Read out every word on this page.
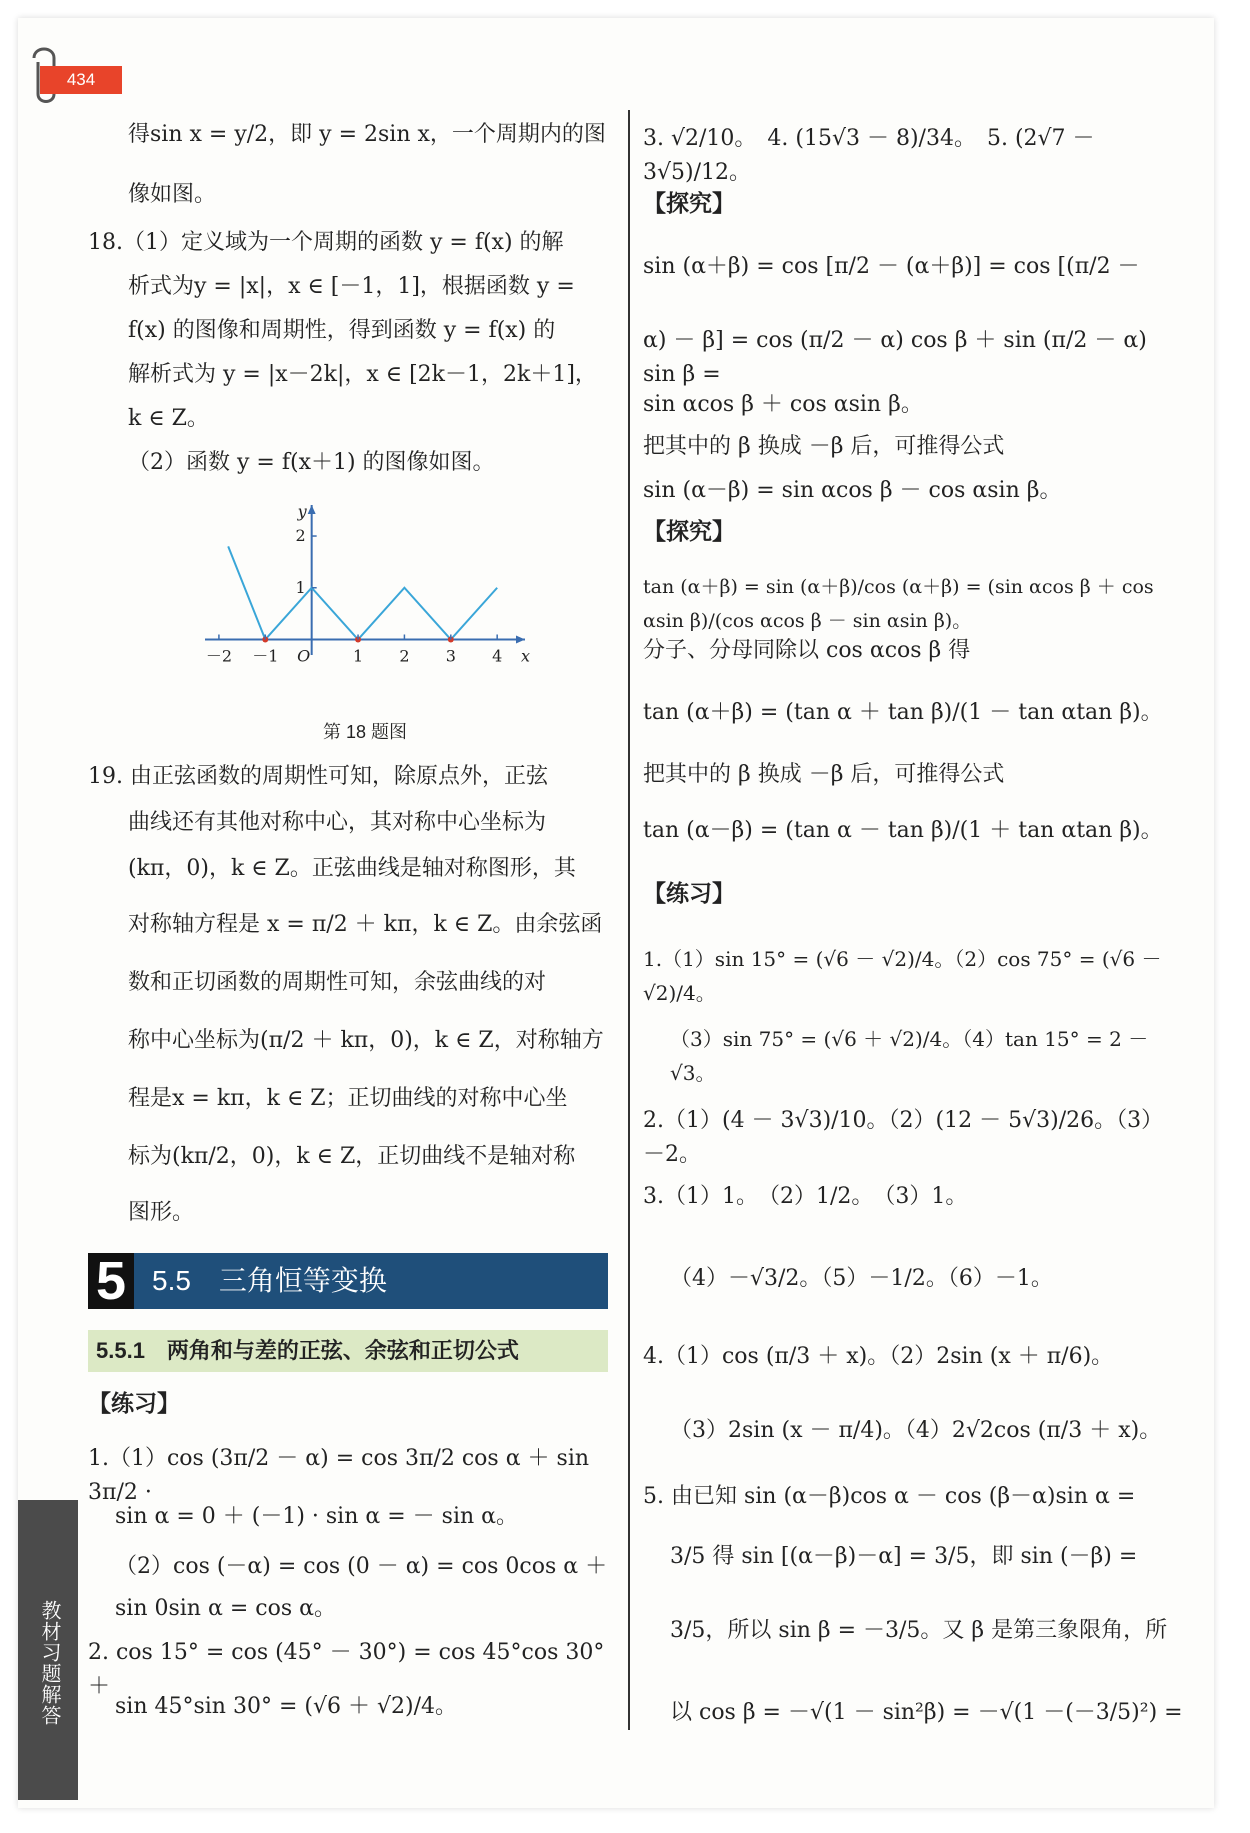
434

得sin x = y/2，即 y = 2sin x，一个周期内的图

像如图。

18.（1）定义域为一个周期的函数 y = f(x) 的解

析式为y = |x|，x ∈ [－1，1]，根据函数 y =

f(x) 的图像和周期性，得到函数 y = f(x) 的

解析式为 y = |x－2k|，x ∈ [2k－1，2k＋1]，

k ∈ Z。

（2）函数 y = f(x＋1) 的图像如图。

－2 －1	1 2 3 4
1
2
O	x
y

第 18 题图

19. 由正弦函数的周期性可知，除原点外，正弦

曲线还有其他对称中心，其对称中心坐标为

(kπ，0)，k ∈ Z。正弦曲线是轴对称图形，其

对称轴方程是 x = π/2 ＋ kπ，k ∈ Z。由余弦函

数和正切函数的周期性可知，余弦曲线的对

称中心坐标为(π/2 ＋ kπ，0)，k ∈ Z，对称轴方

程是x = kπ，k ∈ Z；正切曲线的对称中心坐

标为(kπ/2，0)，k ∈ Z，正切曲线不是轴对称

图形。

5 5.5　三角恒等变换
5.5.1　两角和与差的正弦、余弦和正切公式

【练习】

1.（1）cos (3π/2 － α) = cos 3π/2 cos α ＋ sin 3π/2 ·

sin α = 0 ＋ (－1) · sin α = － sin α。

（2）cos (－α) = cos (0 － α) = cos 0cos α ＋

sin 0sin α = cos α。

2. cos 15° = cos (45° － 30°) = cos 45°cos 30° ＋

sin 45°sin 30° = (√6 ＋ √2)/4。

3. √2/10。　4. (15√3 － 8)/34。　5. (2√7 － 3√5)/12。

【探究】

sin (α＋β) = cos [π/2 － (α＋β)] = cos [(π/2 －

α) － β] = cos (π/2 － α) cos β ＋ sin (π/2 － α) sin β =

sin αcos β ＋ cos αsin β。

把其中的 β 换成 －β 后，可推得公式

sin (α－β) = sin αcos β － cos αsin β。

【探究】

tan (α＋β) = sin (α＋β)/cos (α＋β) = (sin αcos β ＋ cos αsin β)/(cos αcos β － sin αsin β)。

分子、分母同除以 cos αcos β 得

tan (α＋β) = (tan α ＋ tan β)/(1 － tan αtan β)。

把其中的 β 换成 －β 后，可推得公式

tan (α－β) = (tan α － tan β)/(1 ＋ tan αtan β)。

【练习】

1.（1）sin 15° = (√6 － √2)/4。（2）cos 75° = (√6 － √2)/4。

（3）sin 75° = (√6 ＋ √2)/4。（4）tan 15° = 2 － √3。

2.（1）(4 － 3√3)/10。（2）(12 － 5√3)/26。（3）－2。

3.（1）1。　（2）1/2。　（3）1。

（4）－√3/2。（5）－1/2。（6）－1。

4.（1）cos (π/3 ＋ x)。（2）2sin (x ＋ π/6)。

（3）2sin (x － π/4)。（4）2√2cos (π/3 ＋ x)。

5. 由已知 sin (α－β)cos α － cos (β－α)sin α =

3/5 得 sin [(α－β)－α] = 3/5，即 sin (－β) =

3/5，所以 sin β = －3/5。又 β 是第三象限角，所

以 cos β = －√(1 － sin²β) = －√(1 －(－3/5)²) =

教材习题解答
